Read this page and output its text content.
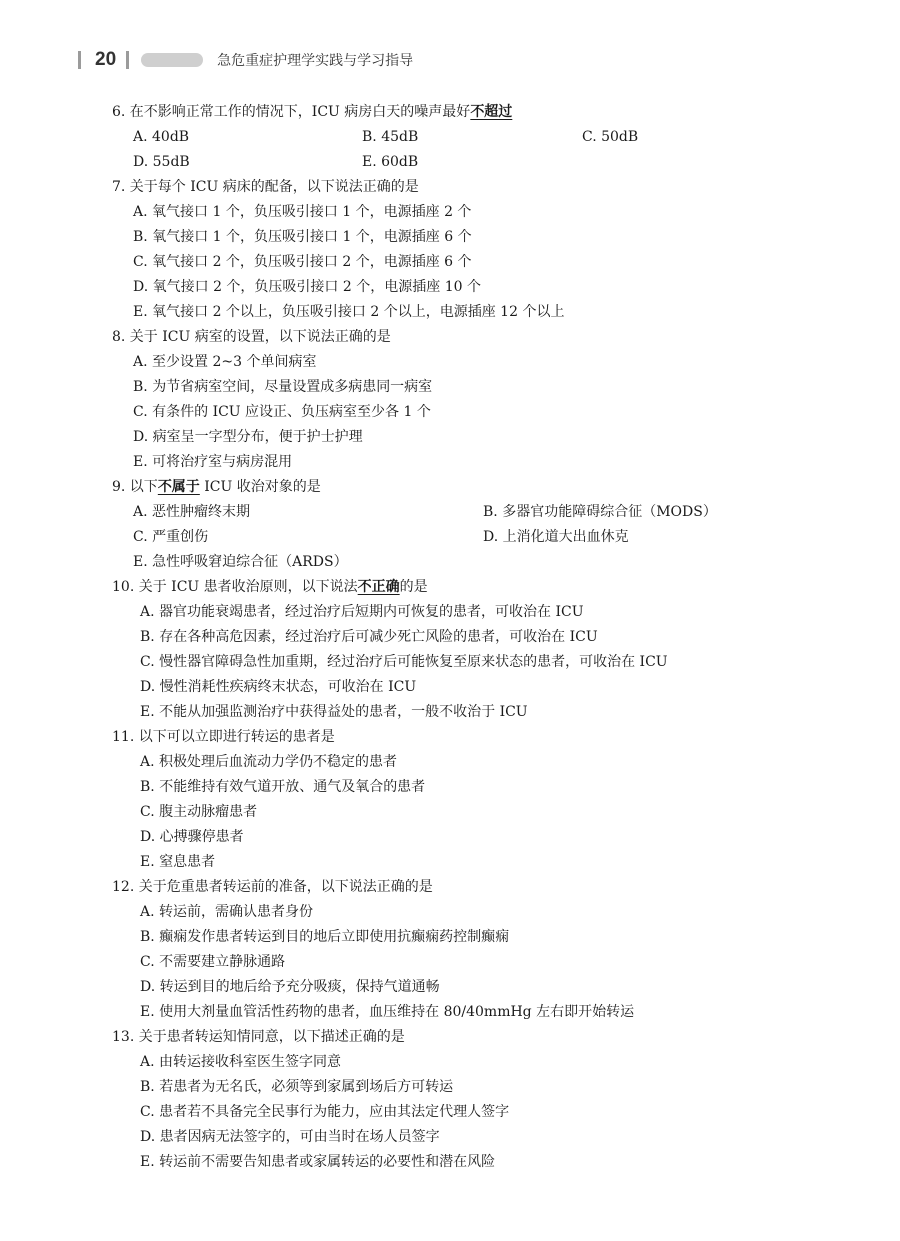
20	急危重症护理学实践与学习指导
6. 在不影响正常工作的情况下，ICU 病房白天的噪声最好不超过
A. 40dB	B. 45dB	C. 50dB
D. 55dB	E. 60dB
7. 关于每个 ICU 病床的配备，以下说法正确的是
A. 氧气接口 1 个，负压吸引接口 1 个，电源插座 2 个
B. 氧气接口 1 个，负压吸引接口 1 个，电源插座 6 个
C. 氧气接口 2 个，负压吸引接口 2 个，电源插座 6 个
D. 氧气接口 2 个，负压吸引接口 2 个，电源插座 10 个
E. 氧气接口 2 个以上，负压吸引接口 2 个以上，电源插座 12 个以上
8. 关于 ICU 病室的设置，以下说法正确的是
A. 至少设置 2~3 个单间病室
B. 为节省病室空间，尽量设置成多病患同一病室
C. 有条件的 ICU 应设正、负压病室至少各 1 个
D. 病室呈一字型分布，便于护士护理
E. 可将治疗室与病房混用
9. 以下不属于 ICU 收治对象的是
A. 恶性肿瘤终末期	B. 多器官功能障碍综合征（MODS）
C. 严重创伤	D. 上消化道大出血休克
E. 急性呼吸窘迫综合征（ARDS）
10. 关于 ICU 患者收治原则，以下说法不正确的是
A. 器官功能衰竭患者，经过治疗后短期内可恢复的患者，可收治在 ICU
B. 存在各种高危因素，经过治疗后可减少死亡风险的患者，可收治在 ICU
C. 慢性器官障碍急性加重期，经过治疗后可能恢复至原来状态的患者，可收治在 ICU
D. 慢性消耗性疾病终末状态，可收治在 ICU
E. 不能从加强监测治疗中获得益处的患者，一般不收治于 ICU
11. 以下可以立即进行转运的患者是
A. 积极处理后血流动力学仍不稳定的患者
B. 不能维持有效气道开放、通气及氧合的患者
C. 腹主动脉瘤患者
D. 心搏骤停患者
E. 窒息患者
12. 关于危重患者转运前的准备，以下说法正确的是
A. 转运前，需确认患者身份
B. 癫痫发作患者转运到目的地后立即使用抗癫痫药控制癫痫
C. 不需要建立静脉通路
D. 转运到目的地后给予充分吸痰，保持气道通畅
E. 使用大剂量血管活性药物的患者，血压维持在 80/40mmHg 左右即开始转运
13. 关于患者转运知情同意，以下描述正确的是
A. 由转运接收科室医生签字同意
B. 若患者为无名氏，必须等到家属到场后方可转运
C. 患者若不具备完全民事行为能力，应由其法定代理人签字
D. 患者因病无法签字的，可由当时在场人员签字
E. 转运前不需要告知患者或家属转运的必要性和潜在风险
